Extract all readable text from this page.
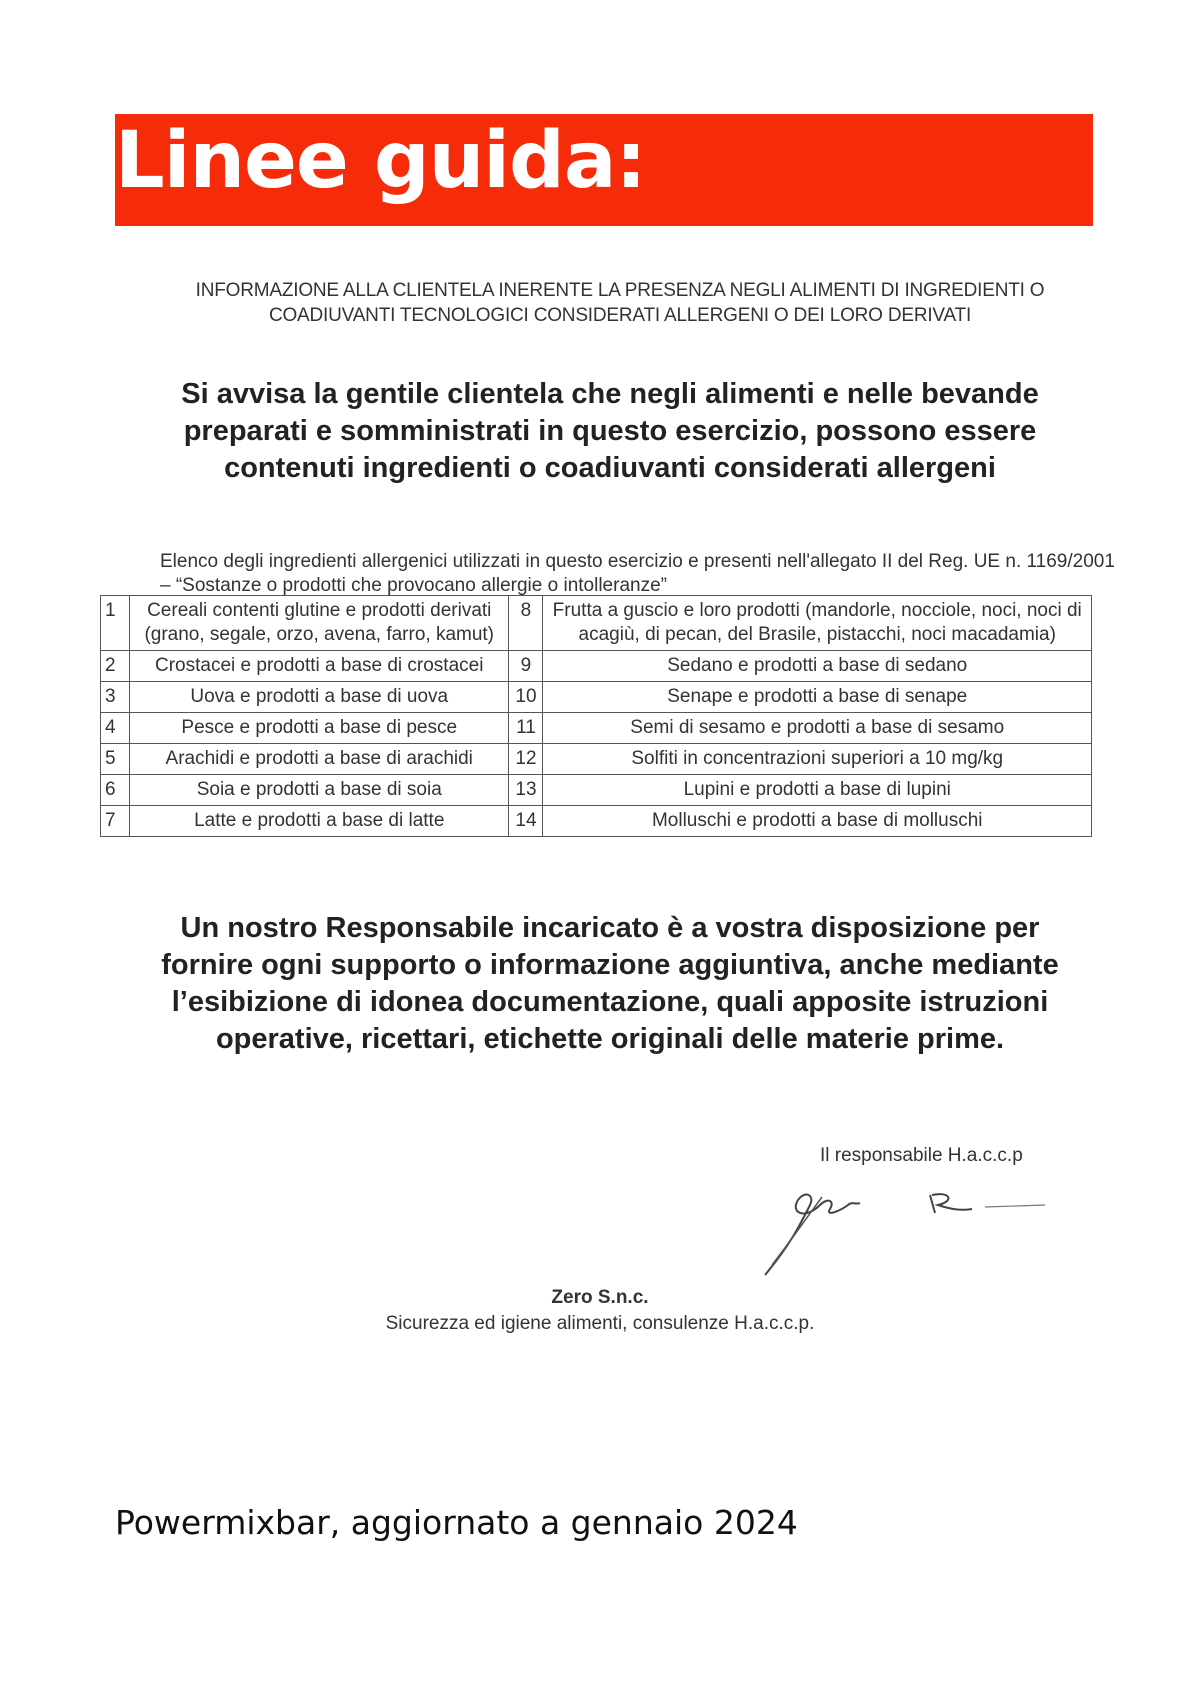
Linee guida:
INFORMAZIONE ALLA CLIENTELA INERENTE LA PRESENZA NEGLI ALIMENTI DI INGREDIENTI O COADIUVANTI TECNOLOGICI CONSIDERATI ALLERGENI O DEI LORO DERIVATI
Si avvisa la gentile clientela che negli alimenti e nelle bevande preparati e somministrati in questo esercizio, possono essere contenuti ingredienti o coadiuvanti considerati allergeni
Elenco degli ingredienti allergenici utilizzati in questo esercizio e presenti nell'allegato II del Reg. UE n. 1169/2001 – “Sostanze o prodotti che provocano allergie o intolleranze”
1	Cereali contenti glutine e prodotti derivati (grano, segale, orzo, avena, farro, kamut)	8	Frutta a guscio e loro prodotti (mandorle, nocciole, noci, noci di acagiù, di pecan, del Brasile, pistacchi, noci macadamia)
2	Crostacei e prodotti a base di crostacei	9	Sedano e prodotti a base di sedano
3	Uova e prodotti a base di uova	10	Senape e prodotti a base di senape
4	Pesce e prodotti a base di pesce	11	Semi di sesamo e prodotti a base di sesamo
5	Arachidi e prodotti a base di arachidi	12	Solfiti in concentrazioni superiori a 10 mg/kg
6	Soia e prodotti a base di soia	13	Lupini e prodotti a base di lupini
7	Latte e prodotti a base di latte	14	Molluschi e prodotti a base di molluschi
Un nostro Responsabile incaricato è a vostra disposizione per fornire ogni supporto o informazione aggiuntiva, anche mediante l’esibizione di idonea documentazione, quali apposite istruzioni operative, ricettari, etichette originali delle materie prime.
Il responsabile H.a.c.c.p
Zero S.n.c.
Sicurezza ed igiene alimenti, consulenze H.a.c.c.p.
Powermixbar, aggiornato a gennaio 2024
